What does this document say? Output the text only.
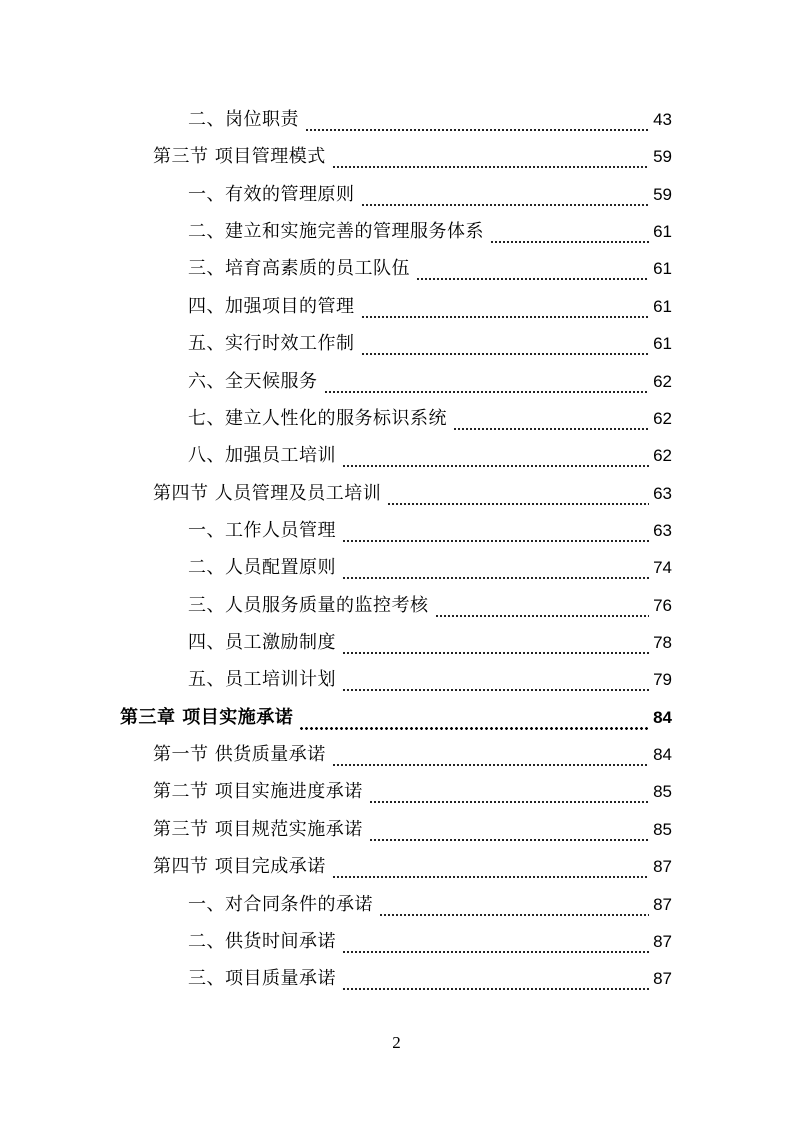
二、岗位职责	43
第三节 项目管理模式	59
一、有效的管理原则	59
二、建立和实施完善的管理服务体系	61
三、培育高素质的员工队伍	61
四、加强项目的管理	61
五、实行时效工作制	61
六、全天候服务	62
七、建立人性化的服务标识系统	62
八、加强员工培训	62
第四节 人员管理及员工培训	63
一、工作人员管理	63
二、人员配置原则	74
三、人员服务质量的监控考核	76
四、员工激励制度	78
五、员工培训计划	79
第三章 项目实施承诺	84
第一节 供货质量承诺	84
第二节 项目实施进度承诺	85
第三节 项目规范实施承诺	85
第四节 项目完成承诺	87
一、对合同条件的承诺	87
二、供货时间承诺	87
三、项目质量承诺	87
2
